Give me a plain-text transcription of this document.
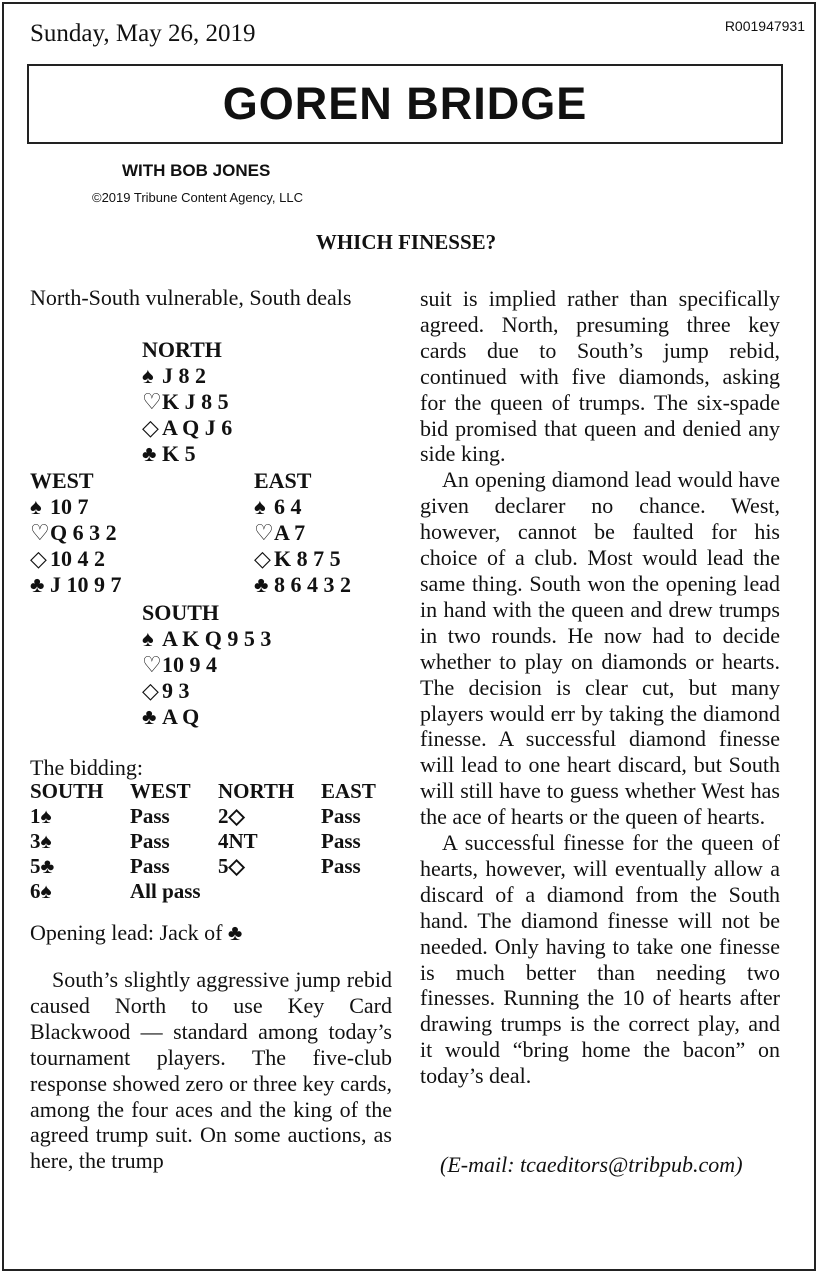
Sunday, May 26, 2019	R001947931
GOREN BRIDGE
WITH BOB JONES
©2019 Tribune Content Agency, LLC
WHICH FINESSE?
North-South vulnerable, South deals
NORTH
♠ J 8 2
♡K J 8 5
◇ A Q J 6
♣ K 5
WEST
♠ 10 7
♡Q 6 3 2
◇ 10 4 2
♣ J 10 9 7
EAST
♠ 6 4
♡A 7
◇ K 8 7 5
♣ 8 6 4 3 2
SOUTH
♠ A K Q 9 5 3
♡10 9 4
◇ 9 3
♣ A Q
The bidding:
SOUTH	WEST	NORTH	EAST
1♠	Pass	2◇	Pass
3♠	Pass	4NT	Pass
5♣	Pass	5◇	Pass
6♠	All pass		
Opening lead: Jack of ♣

South’s slightly aggressive jump rebid caused North to use Key Card Blackwood — standard among today’s tournament players. The five-club response showed zero or three key cards, among the four aces and the king of the agreed trump suit. On some auctions, as here, the trump

suit is implied rather than specifically agreed. North, presuming three key cards due to South’s jump rebid, continued with five diamonds, asking for the queen of trumps. The six-spade bid promised that queen and denied any side king.

An opening diamond lead would have given declarer no chance. West, however, cannot be faulted for his choice of a club. Most would lead the same thing. South won the opening lead in hand with the queen and drew trumps in two rounds. He now had to decide whether to play on diamonds or hearts. The decision is clear cut, but many players would err by taking the diamond finesse. A successful diamond finesse will lead to one heart discard, but South will still have to guess whether West has the ace of hearts or the queen of hearts.

A successful finesse for the queen of hearts, however, will eventually allow a discard of a diamond from the South hand. The diamond finesse will not be needed. Only having to take one finesse is much better than needing two finesses. Running the 10 of hearts after drawing trumps is the correct play, and it would “bring home the bacon” on today’s deal.

(E-mail: tcaeditors@tribpub.com)
